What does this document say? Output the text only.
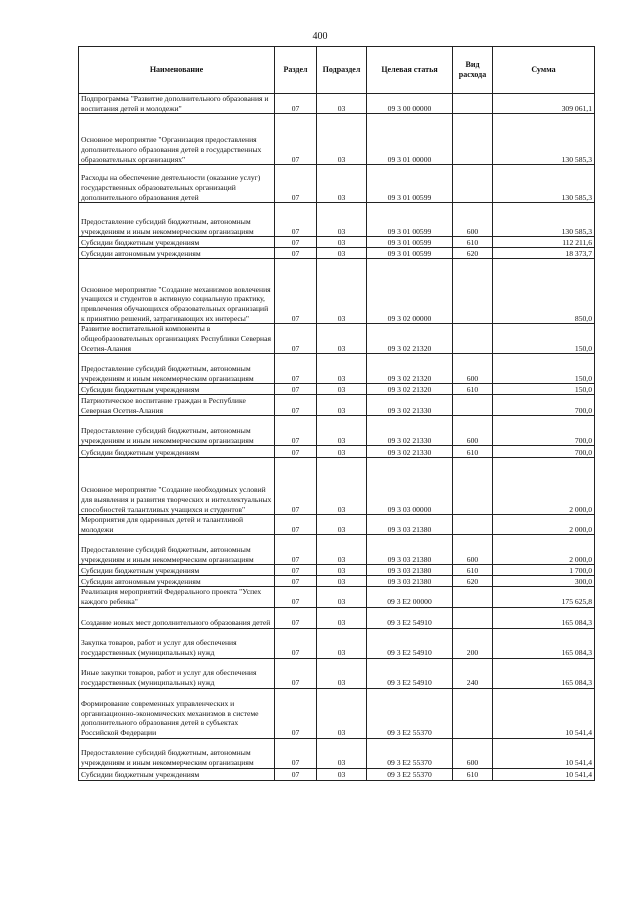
400
Наименование	Раздел	Подраздел	Целевая статья	Вид расхода	Сумма
Подпрограмма "Развитие дополнительного образования и воспитания детей и молодежи"	07	03	09 3 00 00000		309 061,1
Основное мероприятие "Организация предоставления дополнительного образования детей в государственных образовательных организациях"	07	03	09 3 01 00000		130 585,3
Расходы на обеспечение деятельности (оказание услуг) государственных образовательных организаций дополнительного образования детей	07	03	09 3 01 00599		130 585,3
Предоставление субсидий бюджетным, автономным учреждениям и иным некоммерческим организациям	07	03	09 3 01 00599	600	130 585,3
Субсидии бюджетным учреждениям	07	03	09 3 01 00599	610	112 211,6
Субсидии автономным учреждениям	07	03	09 3 01 00599	620	18 373,7
Основное мероприятие "Создание механизмов вовлечения учащихся и студентов в активную социальную практику, привлечения обучающихся образовательных организаций к принятию решений, затрагивающих их интересы"	07	03	09 3 02 00000		850,0
Развитие воспитательной компоненты в общеобразовательных организациях Республики Северная Осетия-Алания	07	03	09 3 02 21320		150,0
Предоставление субсидий бюджетным, автономным учреждениям и иным некоммерческим организациям	07	03	09 3 02 21320	600	150,0
Субсидии бюджетным учреждениям	07	03	09 3 02 21320	610	150,0
Патриотическое воспитание граждан в Республике Северная Осетия-Алания	07	03	09 3 02 21330		700,0
Предоставление субсидий бюджетным, автономным учреждениям и иным некоммерческим организациям	07	03	09 3 02 21330	600	700,0
Субсидии бюджетным учреждениям	07	03	09 3 02 21330	610	700,0
Основное мероприятие "Создание необходимых условий для выявления и развития творческих и интеллектуальных способностей талантливых учащихся и студентов"	07	03	09 3 03 00000		2 000,0
Мероприятия для одаренных детей и талантливой молодежи	07	03	09 3 03 21380		2 000,0
Предоставление субсидий бюджетным, автономным учреждениям и иным некоммерческим организациям	07	03	09 3 03 21380	600	2 000,0
Субсидии бюджетным учреждениям	07	03	09 3 03 21380	610	1 700,0
Субсидии автономным учреждениям	07	03	09 3 03 21380	620	300,0
Реализация мероприятий Федерального проекта "Успех каждого ребенка"	07	03	09 3 E2 00000		175 625,8
Создание новых мест дополнительного образования детей	07	03	09 3 E2 54910		165 084,3
Закупка товаров, работ и услуг для обеспечения государственных (муниципальных) нужд	07	03	09 3 E2 54910	200	165 084,3
Иные закупки товаров, работ и услуг для обеспечения государственных (муниципальных) нужд	07	03	09 3 E2 54910	240	165 084,3
Формирование современных управленческих и организационно-экономических механизмов в системе дополнительного образования детей в субъектах Российской Федерации	07	03	09 3 E2 55370		10 541,4
Предоставление субсидий бюджетным, автономным учреждениям и иным некоммерческим организациям	07	03	09 3 E2 55370	600	10 541,4
Субсидии бюджетным учреждениям	07	03	09 3 E2 55370	610	10 541,4
